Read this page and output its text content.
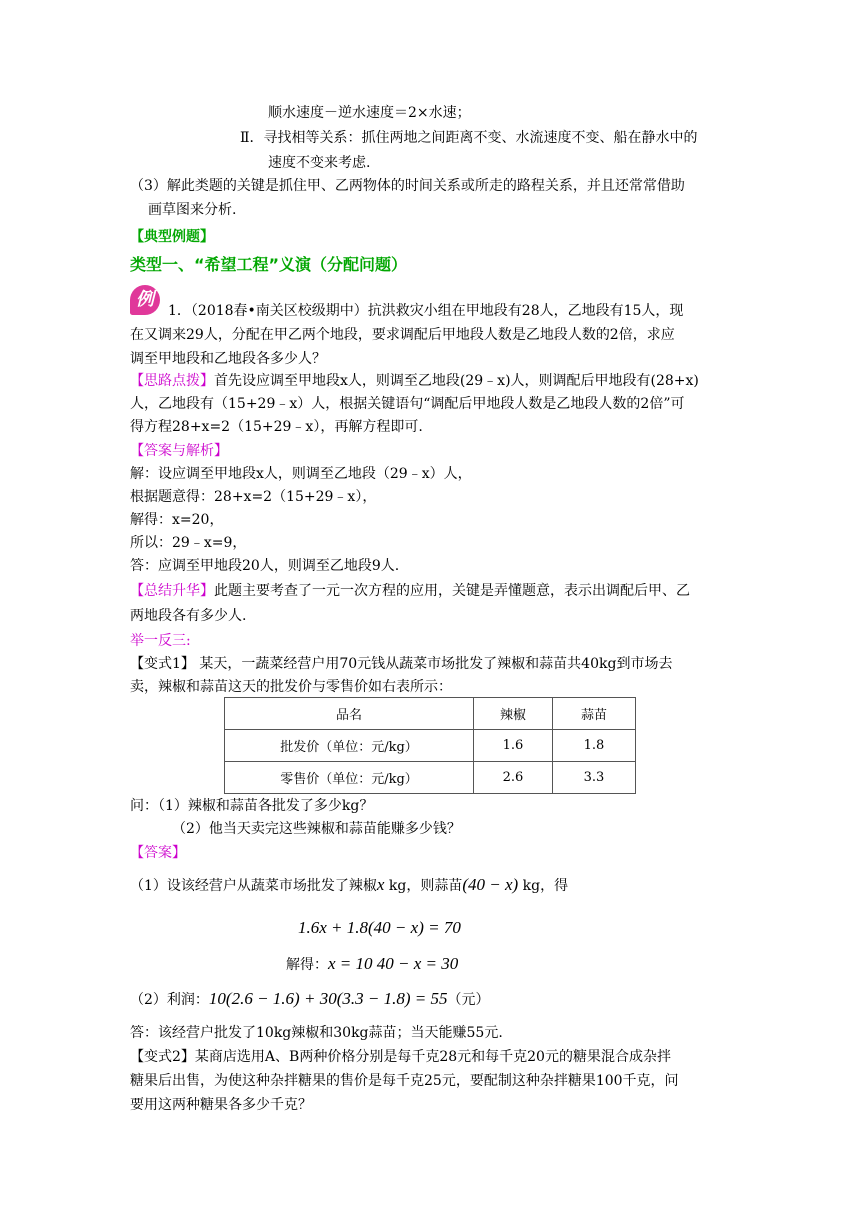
顺水速度－逆水速度＝2×水速；
Ⅱ．寻找相等关系：抓住两地之间距离不变、水流速度不变、船在静水中的
速度不变来考虑.
（3）解此类题的关键是抓住甲、乙两物体的时间关系或所走的路程关系，并且还常常借助
画草图来分析.
【典型例题】
类型一、“希望工程”义演（分配问题）
例
1．（2018春•南关区校级期中）抗洪救灾小组在甲地段有28人，乙地段有15人，现
在又调来29人，分配在甲乙两个地段，要求调配后甲地段人数是乙地段人数的2倍，求应
调至甲地段和乙地段各多少人？
【思路点拨】首先设应调至甲地段x人，则调至乙地段(29﹣x)人，则调配后甲地段有(28+x)
人，乙地段有（15+29﹣x）人，根据关键语句“调配后甲地段人数是乙地段人数的2倍”可
得方程28+x=2（15+29﹣x），再解方程即可.
【答案与解析】
解：设应调至甲地段x人，则调至乙地段（29﹣x）人，
根据题意得：28+x=2（15+29﹣x），
解得：x=20，
所以：29﹣x=9，
答：应调至甲地段20人，则调至乙地段9人.
【总结升华】此题主要考查了一元一次方程的应用，关键是弄懂题意，表示出调配后甲、乙
两地段各有多少人.
举一反三:
【变式1】 某天，一蔬菜经营户用70元钱从蔬菜市场批发了辣椒和蒜苗共40kg到市场去
卖，辣椒和蒜苗这天的批发价与零售价如右表所示：
品名	辣椒	蒜苗
批发价（单位：元/kg）	1.6	1.8
零售价（单位：元/kg）	2.6	3.3
问：（1）辣椒和蒜苗各批发了多少kg？
（2）他当天卖完这些辣椒和蒜苗能赚多少钱？
【答案】
（1）设该经营户从蔬菜市场批发了辣椒x kg，则蒜苗(40 − x) kg，得
1.6x + 1.8(40 − x) = 70
解得：x = 10 40 − x = 30
（2）利润：10(2.6 − 1.6) + 30(3.3 − 1.8) = 55（元）
答：该经营户批发了10kg辣椒和30kg蒜苗；当天能赚55元.
【变式2】某商店选用A、B两种价格分别是每千克28元和每千克20元的糖果混合成杂拌
糖果后出售，为使这种杂拌糖果的售价是每千克25元，要配制这种杂拌糖果100千克，问
要用这两种糖果各多少千克？
